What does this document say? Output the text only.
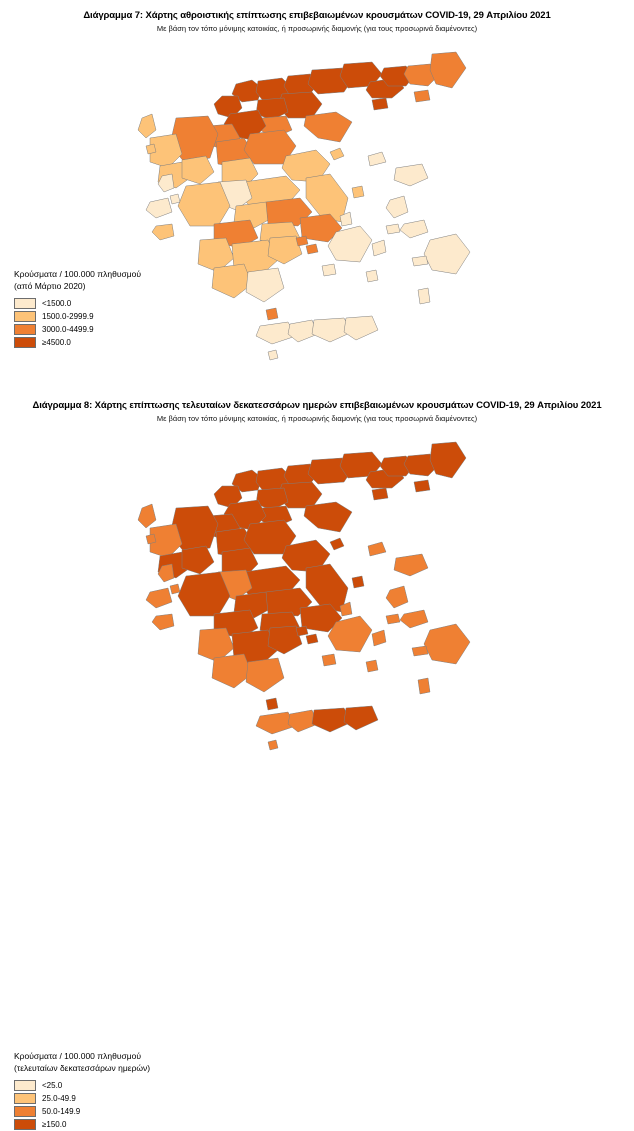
Διάγραμμα 7: Χάρτης αθροιστικής επίπτωσης επιβεβαιωμένων κρουσμάτων COVID-19, 29 Απριλίου 2021
Με βάση τον τόπο μόνιμης κατοικίας, ή προσωρινής διαμονής (για τους προσωρινά διαμένοντες)
Κρούσματα / 100.000 πληθυσμού
(από Μάρτιο 2020)
<1500.0
1500.0-2999.9
3000.0-4499.9
≥4500.0
Διάγραμμα 8: Χάρτης επίπτωσης τελευταίων δεκατεσσάρων ημερών επιβεβαιωμένων κρουσμάτων COVID-19, 29 Απριλίου 2021
Με βάση τον τόπο μόνιμης κατοικίας, ή προσωρινής διαμονής (για τους προσωρινά διαμένοντες)
Κρούσματα / 100.000 πληθυσμού
(τελευταίων δεκατεσσάρων ημερών)
<25.0
25.0-49.9
50.0-149.9
≥150.0
